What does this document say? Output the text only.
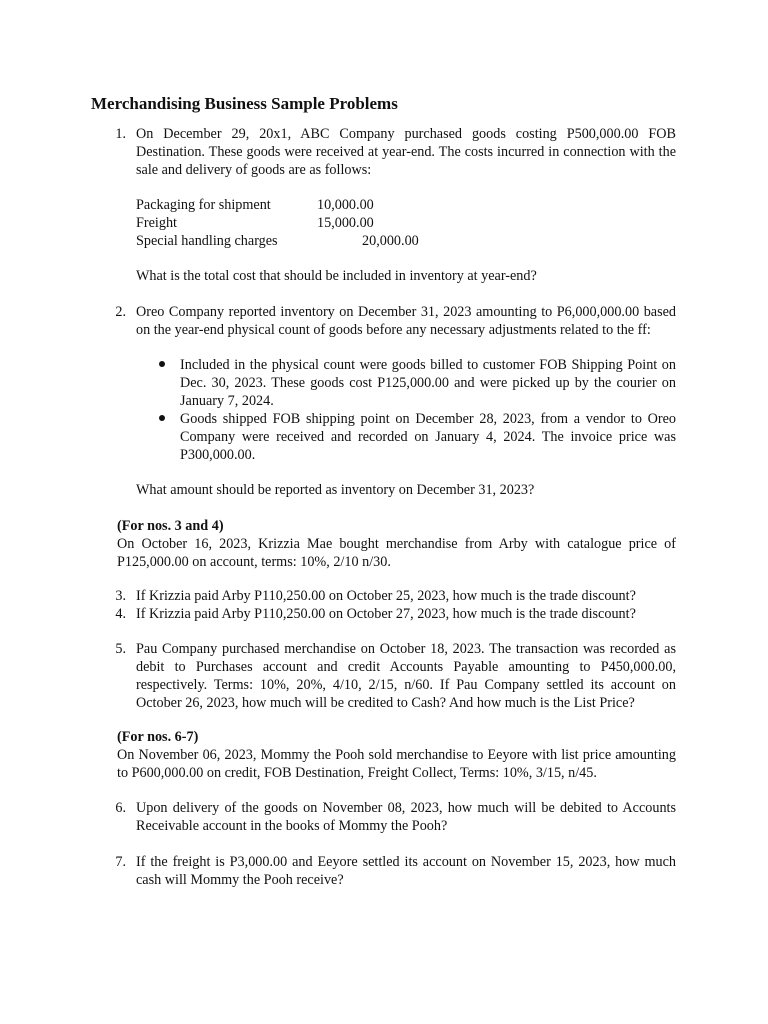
Merchandising Business Sample Problems
1. On December 29, 20x1, ABC Company purchased goods costing P500,000.00 FOB Destination. These goods were received at year-end. The costs incurred in connection with the sale and delivery of goods are as follows:
Packaging for shipment	10,000.00
Freight	15,000.00
Special handling charges	20,000.00
What is the total cost that should be included in inventory at year-end?
2. Oreo Company reported inventory on December 31, 2023 amounting to P6,000,000.00 based on the year-end physical count of goods before any necessary adjustments related to the ff:
Included in the physical count were goods billed to customer FOB Shipping Point on Dec. 30, 2023. These goods cost P125,000.00 and were picked up by the courier on January 7, 2024.
Goods shipped FOB shipping point on December 28, 2023, from a vendor to Oreo Company were received and recorded on January 4, 2024. The invoice price was P300,000.00.
What amount should be reported as inventory on December 31, 2023?
(For nos. 3 and 4)
On October 16, 2023, Krizzia Mae bought merchandise from Arby with catalogue price of P125,000.00 on account, terms: 10%, 2/10 n/30.
3. If Krizzia paid Arby P110,250.00 on October 25, 2023, how much is the trade discount?
4. If Krizzia paid Arby P110,250.00 on October 27, 2023, how much is the trade discount?
5. Pau Company purchased merchandise on October 18, 2023. The transaction was recorded as debit to Purchases account and credit Accounts Payable amounting to P450,000.00, respectively. Terms: 10%, 20%, 4/10, 2/15, n/60. If Pau Company settled its account on October 26, 2023, how much will be credited to Cash? And how much is the List Price?
(For nos. 6-7)
On November 06, 2023, Mommy the Pooh sold merchandise to Eeyore with list price amounting to P600,000.00 on credit, FOB Destination, Freight Collect, Terms: 10%, 3/15, n/45.
6. Upon delivery of the goods on November 08, 2023, how much will be debited to Accounts Receivable account in the books of Mommy the Pooh?
7. If the freight is P3,000.00 and Eeyore settled its account on November 15, 2023, how much cash will Mommy the Pooh receive?
